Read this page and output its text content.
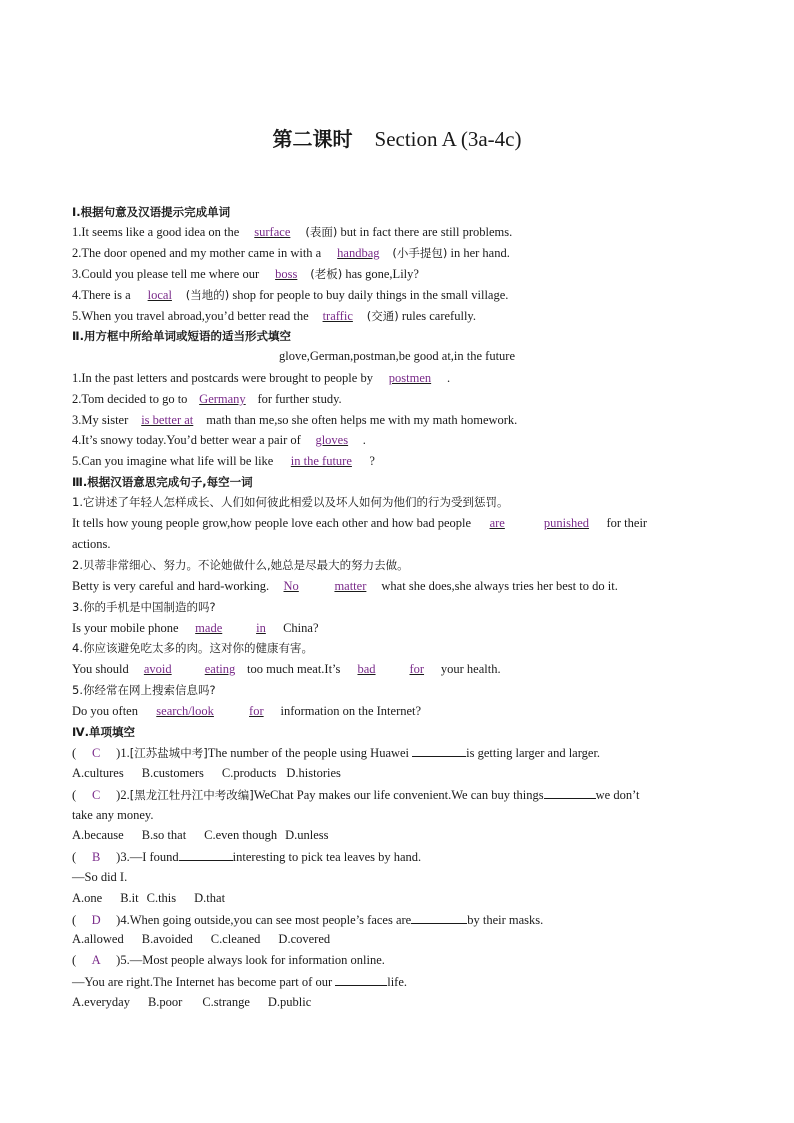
第二课时 Section A (3a-4c)
Ⅰ.根据句意及汉语提示完成单词
1.It seems like a good idea on the surface (表面) but in fact there are still problems.
2.The door opened and my mother came in with a handbag (小手提包) in her hand.
3.Could you please tell me where our boss (老板) has gone,Lily?
4.There is a local (当地的) shop for people to buy daily things in the small village.
5.When you travel abroad,you’d better read the traffic (交通) rules carefully.
Ⅱ.用方框中所给单词或短语的适当形式填空
glove,German,postman,be good at,in the future
1.In the past letters and postcards were brought to people by postmen .
2.Tom decided to go to Germany for further study.
3.My sister is better at math than me,so she often helps me with my math homework.
4.It’s snowy today.You’d better wear a pair of gloves .
5.Can you imagine what life will be like in the future ?
Ⅲ.根据汉语意思完成句子,每空一词
1.它讲述了年轻人怎样成长、人们如何彼此相爱以及坏人如何为他们的行为受到惩罚。
It tells how young people grow,how people love each other and how bad people are	punished for their
actions.
2.贝蒂非常细心、努力。不论她做什么,她总是尽最大的努力去做。
Betty is very careful and hard-working. No	matter what she does,she always tries her best to do it.
3.你的手机是中国制造的吗?
Is your mobile phone made	in China?
4.你应该避免吃太多的肉。这对你的健康有害。
You should avoid	eating too much meat.It’s bad	for your health.
5.你经常在网上搜索信息吗?
Do you often search/look	for information on the Internet?
Ⅳ.单项填空
( C )1.[江苏盐城中考]The number of the people using Huawei	is getting larger and larger.
A.cultures B.customers C.products D.histories
( C )2.[黑龙江牡丹江中考改编]WeChat Pay makes our life convenient.We can buy things	we don’t
take any money.
A.because B.so that C.even though D.unless
( B )3.—I found	interesting to pick tea leaves by hand.
—So did I.
A.one B.it C.this D.that
( D )4.When going outside,you can see most people’s faces are	by their masks.
A.allowed B.avoided C.cleaned D.covered
( A )5.—Most people always look for information online.
—You are right.The Internet has become part of our	life.
A.everyday B.poor C.strange D.public
